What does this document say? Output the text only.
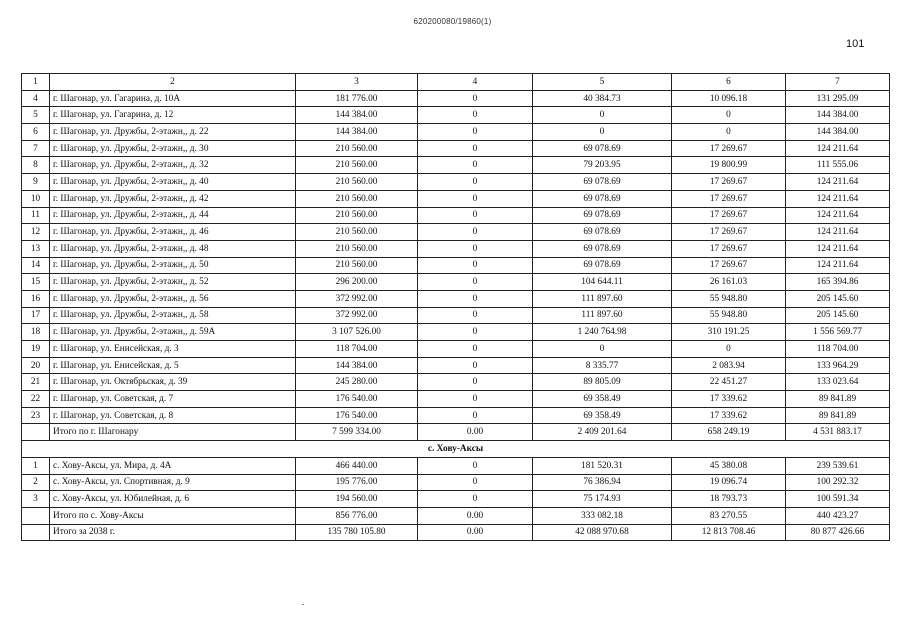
620200080/19860(1)
101
1	2	3	4	5	6	7
4	г. Шагонар, ул. Гагарина, д. 10А	181 776.00	0	40 384.73	10 096.18	131 295.09
5	г. Шагонар, ул. Гагарина, д. 12	144 384.00	0	0	0	144 384.00
6	г. Шагонар, ул. Дружбы, 2-этажн,, д. 22	144 384.00	0	0	0	144 384.00
7	г. Шагонар, ул. Дружбы, 2-этажн,, д. 30	210 560.00	0	69 078.69	17 269.67	124 211.64
8	г. Шагонар, ул. Дружбы, 2-этажн,, д. 32	210 560.00	0	79 203.95	19 800.99	111 555.06
9	г. Шагонар, ул. Дружбы, 2-этажн,, д. 40	210 560.00	0	69 078.69	17 269.67	124 211.64
10	г. Шагонар, ул. Дружбы, 2-этажн,, д. 42	210 560.00	0	69 078.69	17 269.67	124 211.64
11	г. Шагонар, ул. Дружбы, 2-этажн,, д. 44	210 560.00	0	69 078.69	17 269.67	124 211.64
12	г. Шагонар, ул. Дружбы, 2-этажн,, д. 46	210 560.00	0	69 078.69	17 269.67	124 211.64
13	г. Шагонар, ул. Дружбы, 2-этажн,, д. 48	210 560.00	0	69 078.69	17 269.67	124 211.64
14	г. Шагонар, ул. Дружбы, 2-этажн,, д. 50	210 560.00	0	69 078.69	17 269.67	124 211.64
15	г. Шагонар, ул. Дружбы, 2-этажн,, д. 52	296 200.00	0	104 644.11	26 161.03	165 394.86
16	г. Шагонар, ул. Дружбы, 2-этажн,, д. 56	372 992.00	0	111 897.60	55 948.80	205 145.60
17	г. Шагонар, ул. Дружбы, 2-этажн,, д. 58	372 992.00	0	111 897.60	55 948.80	205 145.60
18	г. Шагонар, ул. Дружбы, 2-этажн,, д. 59А	3 107 526.00	0	1 240 764.98	310 191.25	1 556 569.77
19	г. Шагонар, ул. Енисейская, д. 3	118 704.00	0	0	0	118 704.00
20	г. Шагонар, ул. Енисейская, д. 5	144 384.00	0	8 335.77	2 083.94	133 964.29
21	г. Шагонар, ул. Октябрьская, д. 39	245 280.00	0	89 805.09	22 451.27	133 023.64
22	г. Шагонар, ул. Советская, д. 7	176 540.00	0	69 358.49	17 339.62	89 841.89
23	г. Шагонар, ул. Советская, д. 8	176 540.00	0	69 358.49	17 339.62	89 841.89
	Итого по г. Шагонару	7 599 334.00	0.00	2 409 201.64	658 249.19	4 531 883.17
с. Хову-Аксы						
1	с. Хову-Аксы, ул. Мира, д. 4А	466 440.00	0	181 520.31	45 380.08	239 539.61
2	с. Хову-Аксы, ул. Спортивная, д. 9	195 776.00	0	76 386.94	19 096.74	100 292.32
3	с. Хову-Аксы, ул. Юбилейная, д. 6	194 560.00	0	75 174.93	18 793.73	100 591.34
	Итого по с. Хову-Аксы	856 776.00	0.00	333 082.18	83 270.55	440 423.27
	Итого за 2038 г.	135 780 105.80	0.00	42 088 970.68	12 813 708.46	80 877 426.66
